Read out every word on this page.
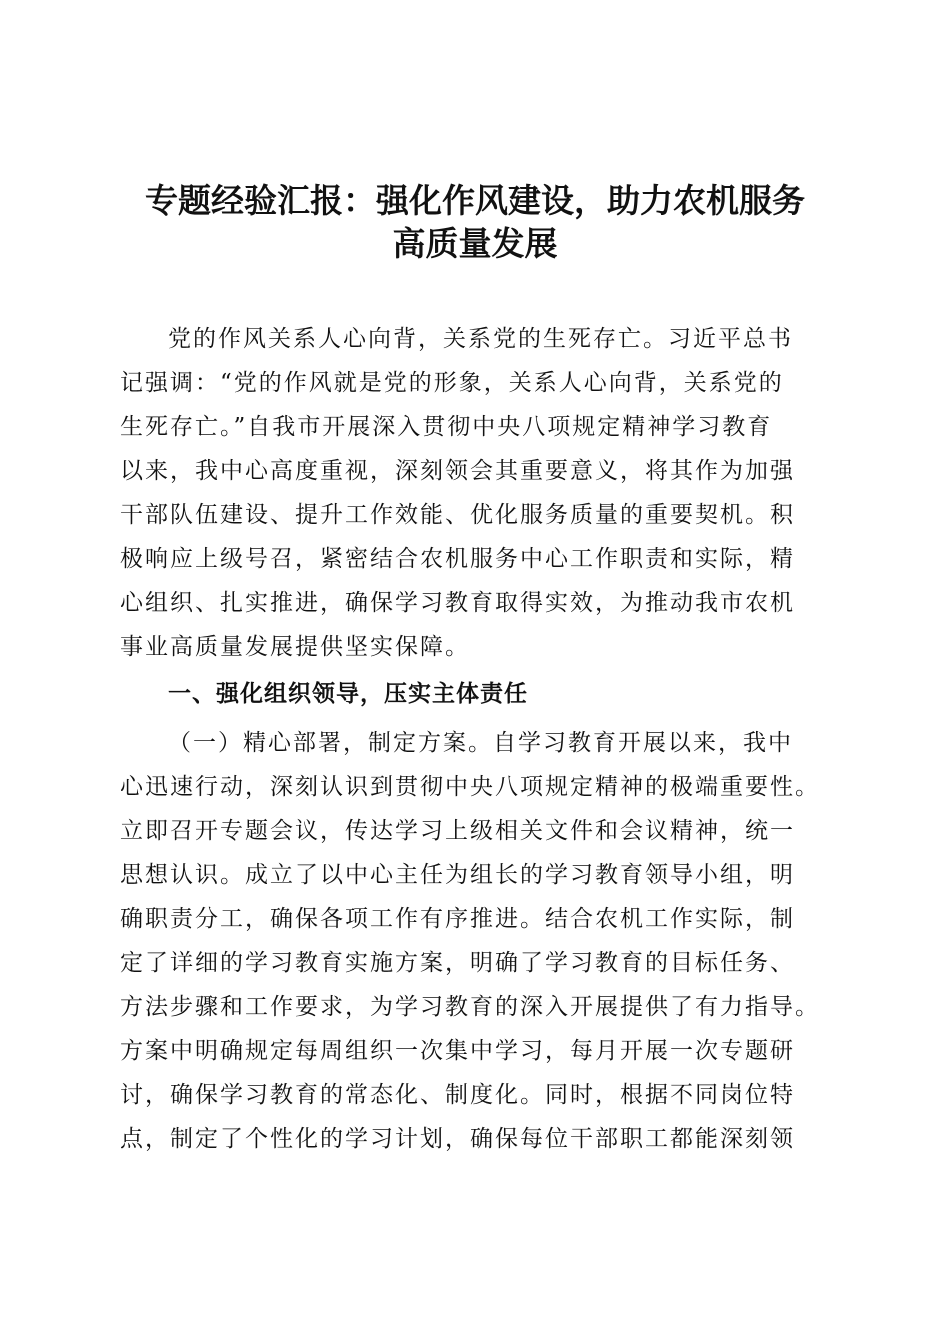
专题经验汇报：强化作风建设，助力农机服务
高质量发展
党的作风关系人心向背，关系党的生死存亡。习近平总书
记强调：“党的作风就是党的形象，关系人心向背，关系党的
生死存亡。”自我市开展深入贯彻中央八项规定精神学习教育
以来，我中心高度重视，深刻领会其重要意义，将其作为加强
干部队伍建设、提升工作效能、优化服务质量的重要契机。积
极响应上级号召，紧密结合农机服务中心工作职责和实际，精
心组织、扎实推进，确保学习教育取得实效，为推动我市农机
事业高质量发展提供坚实保障。
一、强化组织领导，压实主体责任
（一）精心部署，制定方案。自学习教育开展以来，我中
心迅速行动，深刻认识到贯彻中央八项规定精神的极端重要性。
立即召开专题会议，传达学习上级相关文件和会议精神，统一
思想认识。成立了以中心主任为组长的学习教育领导小组，明
确职责分工，确保各项工作有序推进。结合农机工作实际，制
定了详细的学习教育实施方案，明确了学习教育的目标任务、
方法步骤和工作要求，为学习教育的深入开展提供了有力指导。
方案中明确规定每周组织一次集中学习，每月开展一次专题研
讨，确保学习教育的常态化、制度化。同时，根据不同岗位特
点，制定了个性化的学习计划，确保每位干部职工都能深刻领
